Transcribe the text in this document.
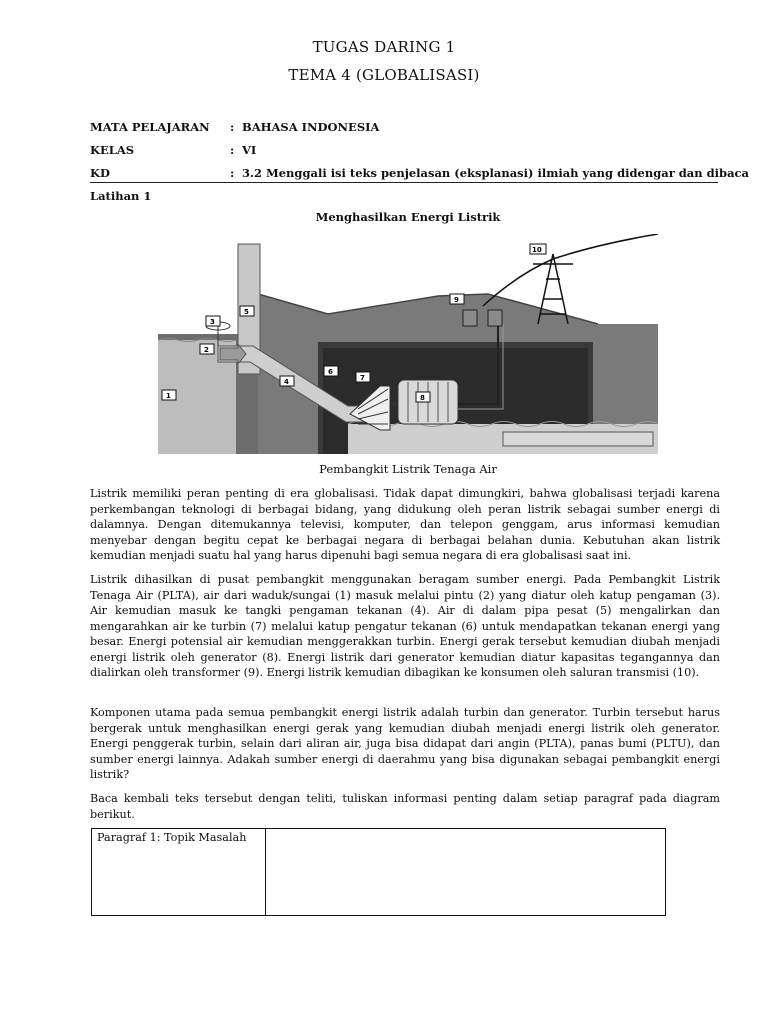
TUGAS DARING 1
TEMA 4 (GLOBALISASI)
MATA PELAJARAN : BAHASA INDONESIA
KELAS	: VI
KD	: 3.2 Menggali isi teks penjelasan (eksplanasi) ilmiah yang didengar dan dibaca
Latihan 1
Menghasilkan Energi Listrik
1
2
3
4
5
6
7
8
9
10
Pembangkit Listrik Tenaga Air

Listrik memiliki peran penting di era globalisasi. Tidak dapat dimungkiri, bahwa globalisasi terjadi karena perkembangan teknologi di berbagai bidang, yang didukung oleh peran listrik sebagai sumber energi di dalamnya. Dengan ditemukannya televisi, komputer, dan telepon genggam, arus informasi kemudian menyebar dengan begitu cepat ke berbagai negara di berbagai belahan dunia. Kebutuhan akan listrik kemudian menjadi suatu hal yang harus dipenuhi bagi semua negara di era globalisasi saat ini.

Listrik dihasilkan di pusat pembangkit menggunakan beragam sumber energi. Pada Pembangkit Listrik Tenaga Air (PLTA), air dari waduk/sungai (1) masuk melalui pintu (2) yang diatur oleh katup pengaman (3). Air kemudian masuk ke tangki pengaman tekanan (4). Air di dalam pipa pesat (5) mengalirkan dan mengarahkan air ke turbin (7) melalui katup pengatur tekanan (6) untuk mendapatkan tekanan energi yang besar. Energi potensial air kemudian menggerakkan turbin. Energi gerak tersebut kemudian diubah menjadi energi listrik oleh generator (8). Energi listrik dari generator kemudian diatur kapasitas tegangannya dan dialirkan oleh transformer (9). Energi listrik kemudian dibagikan ke konsumen oleh saluran transmisi (10).

Komponen utama pada semua pembangkit energi listrik adalah turbin dan generator. Turbin tersebut harus bergerak untuk menghasilkan energi gerak yang kemudian diubah menjadi energi listrik oleh generator. Energi penggerak turbin, selain dari aliran air, juga bisa didapat dari angin (PLTA), panas bumi (PLTU), dan sumber energi lainnya. Adakah sumber energi di daerahmu yang bisa digunakan sebagai pembangkit energi listrik?

Baca kembali teks tersebut dengan teliti, tuliskan informasi penting dalam setiap paragraf pada diagram berikut.

Paragraf 1: Topik Masalah
